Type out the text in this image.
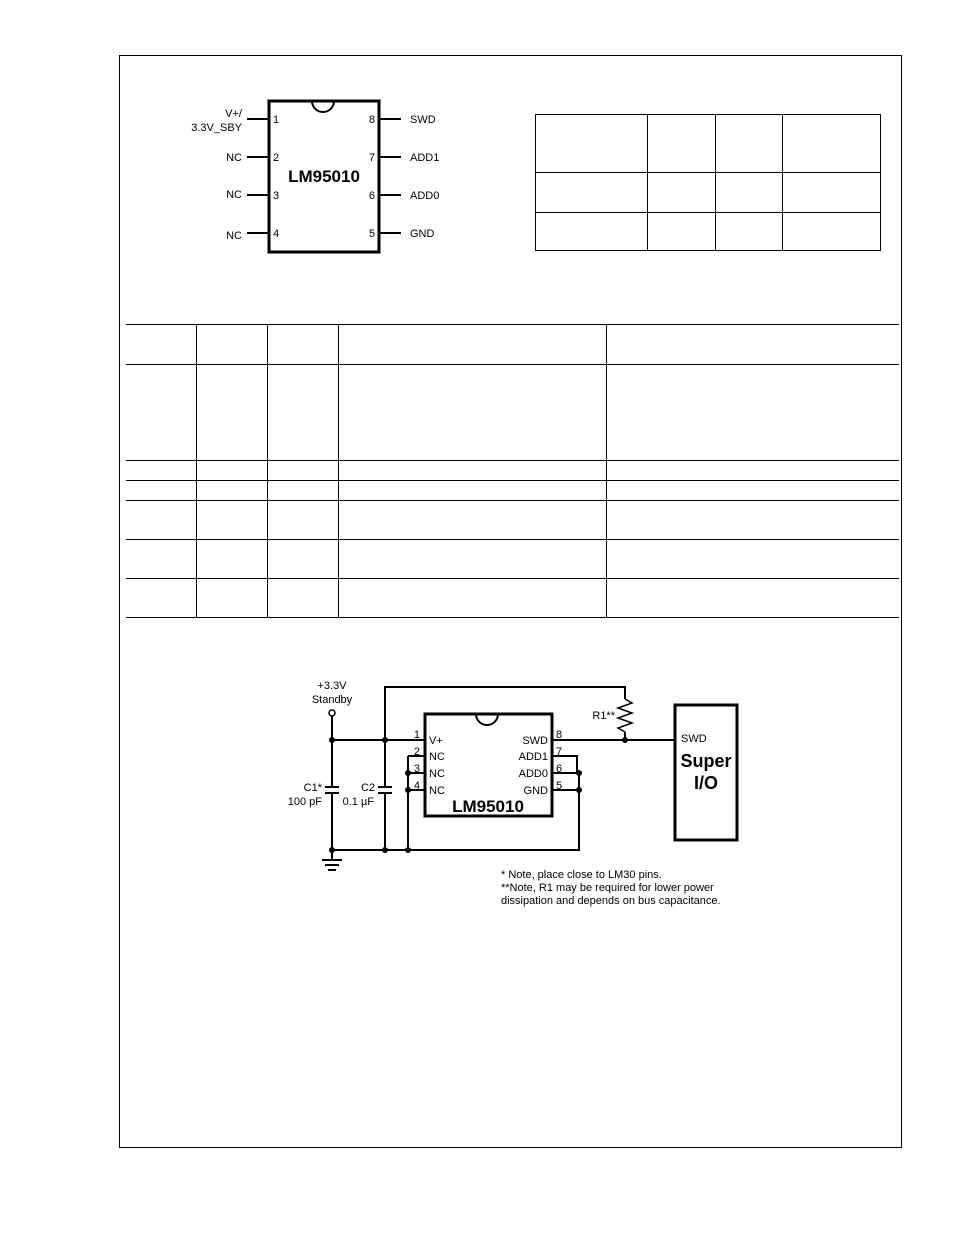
LM95010
1
2
3
4
8
7
6
5
V+/
3.3V_SBY
NC
NC
NC
SWD
ADD1
ADD0
GND

+3.3V
Standby
R1**
C1*
100 pF
C2
0.1 µF	LM95010
1
2
3
4
V+
NC
NC
NC
SWD
ADD1
ADD0
GND
8
7
6
5
SWD
Super
I/O
* Note, place close to LM30 pins.
**Note, R1 may be required for lower power
dissipation and depends on bus capacitance.
